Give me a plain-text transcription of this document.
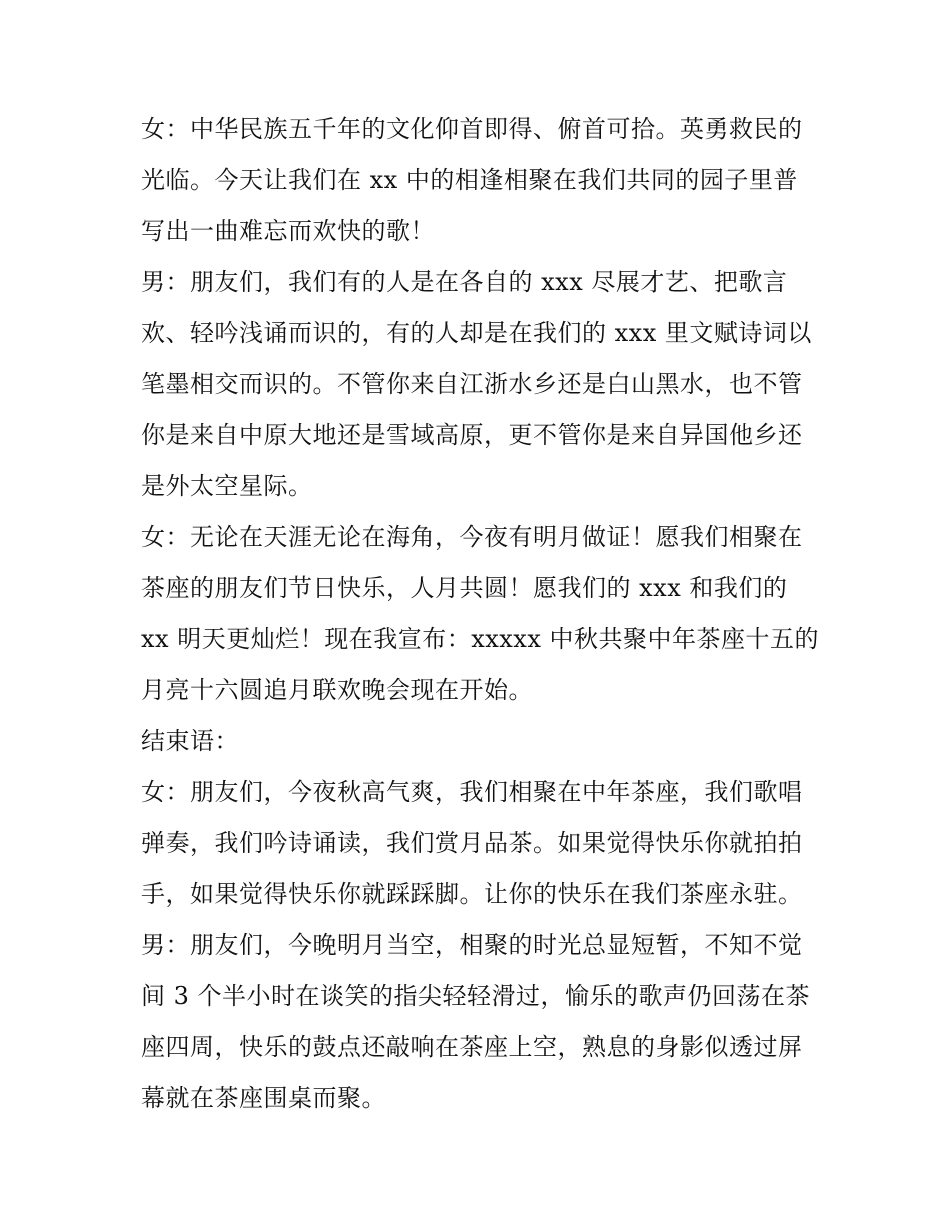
女：中华民族五千年的文化仰首即得、俯首可拾。英勇救民的
光临。今天让我们在 xx 中的相逢相聚在我们共同的园子里普
写出一曲难忘而欢快的歌！
男：朋友们，我们有的人是在各自的 xxx 尽展才艺、把歌言
欢、轻吟浅诵而识的，有的人却是在我们的 xxx 里文赋诗词以
笔墨相交而识的。不管你来自江浙水乡还是白山黑水，也不管
你是来自中原大地还是雪域高原，更不管你是来自异国他乡还
是外太空星际。
女：无论在天涯无论在海角，今夜有明月做证！愿我们相聚在
茶座的朋友们节日快乐，人月共圆！愿我们的 xxx 和我们的
xx 明天更灿烂！现在我宣布：xxxxx 中秋共聚中年茶座十五的
月亮十六圆追月联欢晚会现在开始。
结束语：
女：朋友们，今夜秋高气爽，我们相聚在中年茶座，我们歌唱
弹奏，我们吟诗诵读，我们赏月品茶。如果觉得快乐你就拍拍
手，如果觉得快乐你就踩踩脚。让你的快乐在我们茶座永驻。
男：朋友们，今晚明月当空，相聚的时光总显短暂，不知不觉
间 3 个半小时在谈笑的指尖轻轻滑过，愉乐的歌声仍回荡在茶
座四周，快乐的鼓点还敲响在茶座上空，熟息的身影似透过屏
幕就在茶座围桌而聚。
